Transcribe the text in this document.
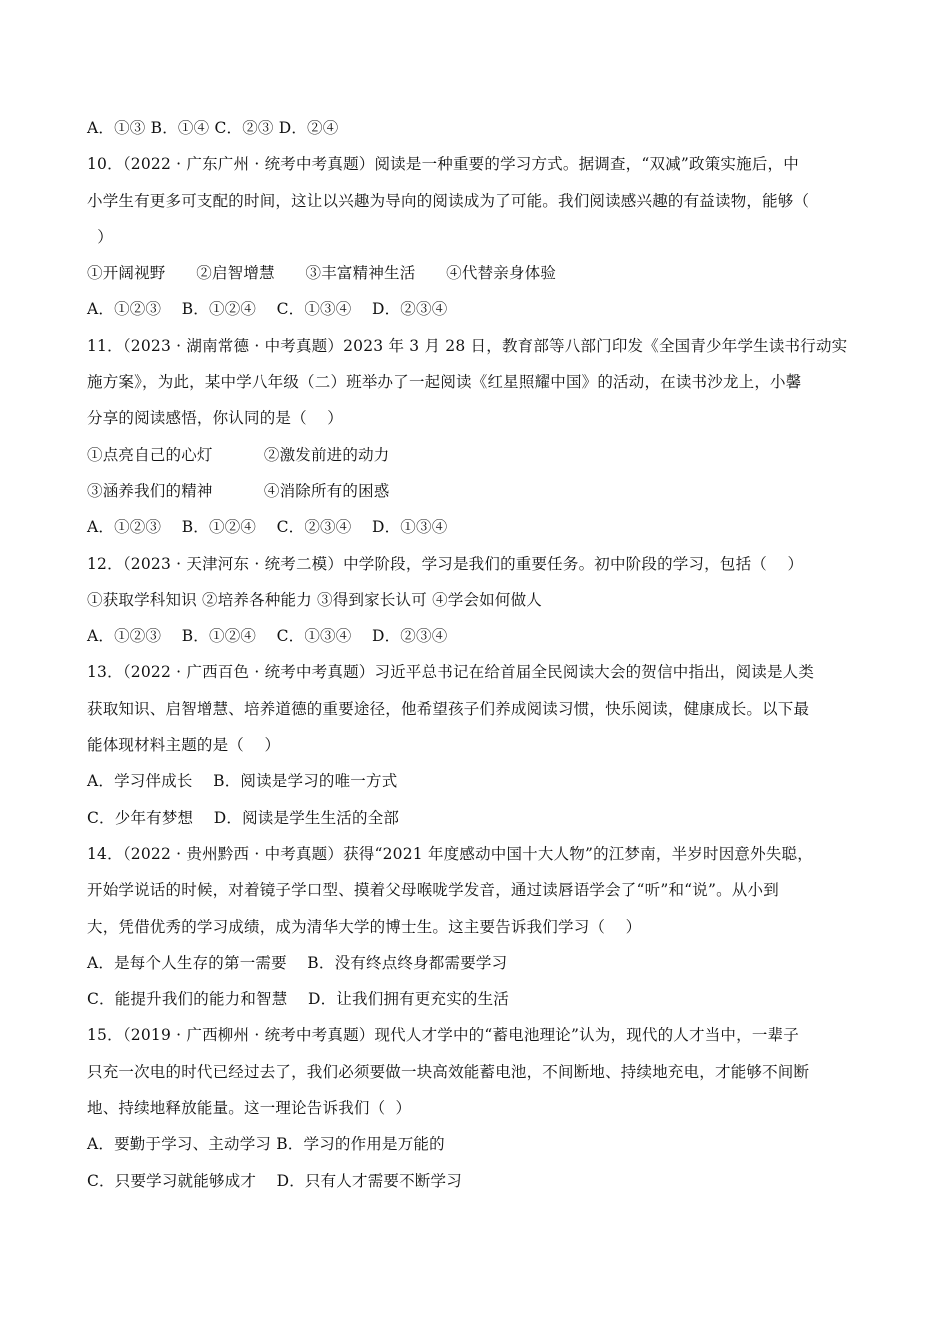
A．①③ B．①④ C．②③ D．②④
10．（2022 · 广东广州 · 统考中考真题）阅读是一种重要的学习方式。据调查，“双减”政策实施后，中
小学生有更多可支配的时间，这让以兴趣为导向的阅读成为了可能。我们阅读感兴趣的有益读物，能够（
）
①开阔视野      ②启智增慧      ③丰富精神生活      ④代替亲身体验
A．①②③    B．①②④    C．①③④    D．②③④
11．（2023 · 湖南常德 · 中考真题）2023 年 3 月 28 日，教育部等八部门印发《全国青少年学生读书行动实
施方案》，为此，某中学八年级（二）班举办了一起阅读《红星照耀中国》的活动，在读书沙龙上，小馨
分享的阅读感悟，你认同的是（    ）
①点亮自己的心灯          ②激发前进的动力
③涵养我们的精神          ④消除所有的困惑
A．①②③    B．①②④    C．②③④    D．①③④
12．（2023 · 天津河东 · 统考二模）中学阶段，学习是我们的重要任务。初中阶段的学习，包括（    ）
①获取学科知识 ②培养各种能力 ③得到家长认可 ④学会如何做人
A．①②③    B．①②④    C．①③④    D．②③④
13．（2022 · 广西百色 · 统考中考真题）习近平总书记在给首届全民阅读大会的贺信中指出，阅读是人类
获取知识、启智增慧、培养道德的重要途径，他希望孩子们养成阅读习惯，快乐阅读，健康成长。以下最
能体现材料主题的是（    ）
A．学习伴成长    B．阅读是学习的唯一方式
C．少年有梦想    D．阅读是学生生活的全部
14．（2022 · 贵州黔西 · 中考真题）获得“2021 年度感动中国十大人物”的江梦南，半岁时因意外失聪，
开始学说话的时候，对着镜子学口型、摸着父母喉咙学发音，通过读唇语学会了“听”和“说”。从小到
大，凭借优秀的学习成绩，成为清华大学的博士生。这主要告诉我们学习（    ）
A．是每个人生存的第一需要    B．没有终点终身都需要学习
C．能提升我们的能力和智慧    D．让我们拥有更充实的生活
15．（2019 · 广西柳州 · 统考中考真题）现代人才学中的“蓄电池理论”认为，现代的人才当中，一辈子
只充一次电的时代已经过去了，我们必须要做一块高效能蓄电池，不间断地、持续地充电，才能够不间断
地、持续地释放能量。这一理论告诉我们（  ）
A．要勤于学习、主动学习 B．学习的作用是万能的
C．只要学习就能够成才    D．只有人才需要不断学习
